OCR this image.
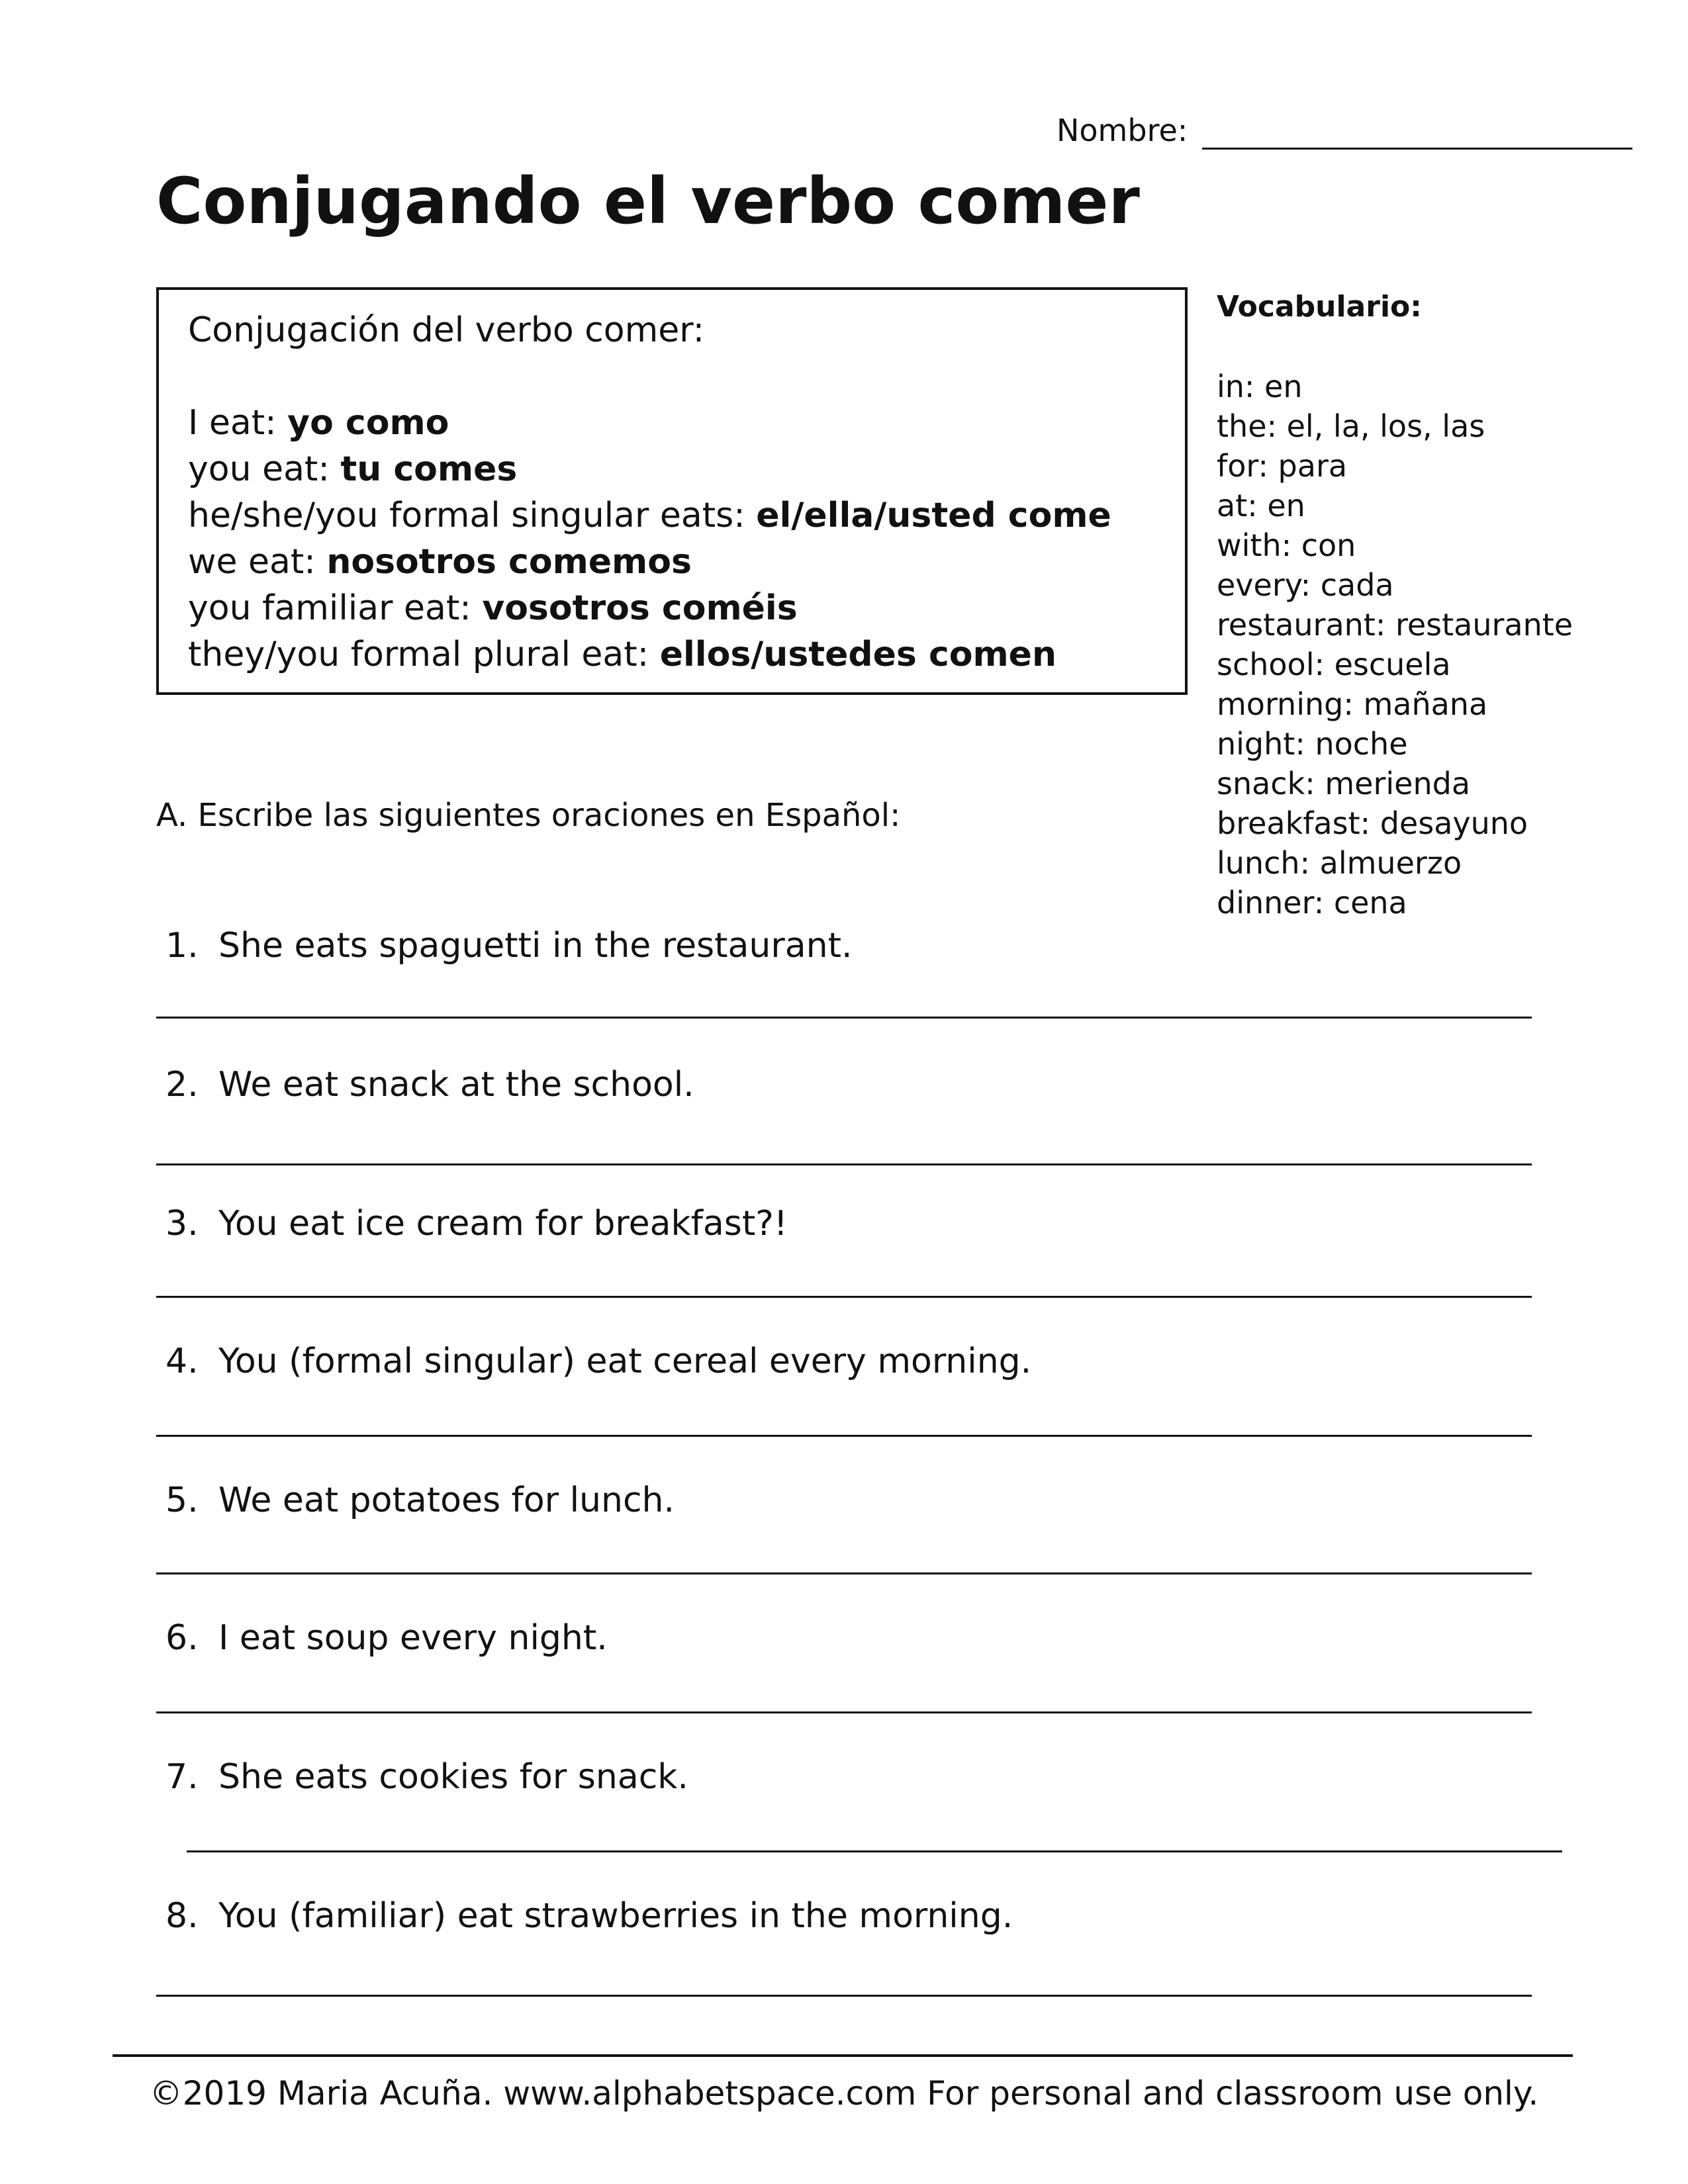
Nombre:
Conjugando el verbo comer
Conjugación del verbo comer:
I eat: yo como
you eat: tu comes
he/she/you formal singular eats: el/ella/usted come
we eat: nosotros comemos
you familiar eat: vosotros coméis
they/you formal plural eat: ellos/ustedes comen
Vocabulario:
in: en
the: el, la, los, las
for: para
at: en
with: con
every: cada
restaurant: restaurante
school: escuela
morning: mañana
night: noche
snack: merienda
breakfast: desayuno
lunch: almuerzo
dinner: cena
A. Escribe las siguientes oraciones en Español:
1. She eats spaguetti in the restaurant.
2. We eat snack at the school.
3. You eat ice cream for breakfast?!
4. You (formal singular) eat cereal every morning.
5. We eat potatoes for lunch.
6. I eat soup every night.
7. She eats cookies for snack.
8. You (familiar) eat strawberries in the morning.
©2019 Maria Acuña. www.alphabetspace.com For personal and classroom use only.
